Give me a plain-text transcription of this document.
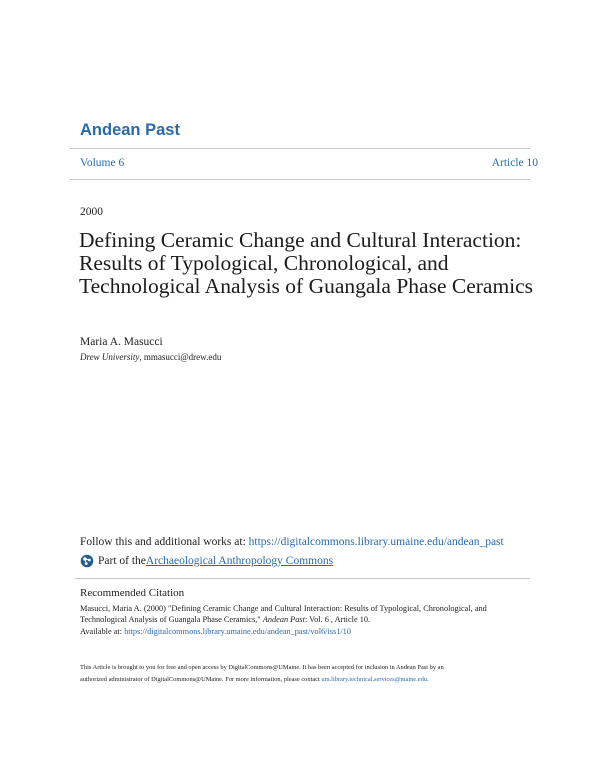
Andean Past
Volume 6	Article 10
2000
Defining Ceramic Change and Cultural Interaction: Results of Typological, Chronological, and Technological Analysis of Guangala Phase Ceramics
Maria A. Masucci
Drew University, mmasucci@drew.edu
Follow this and additional works at: https://digitalcommons.library.umaine.edu/andean_past
Part of the Archaeological Anthropology Commons
Recommended Citation
Masucci, Maria A. (2000) "Defining Ceramic Change and Cultural Interaction: Results of Typological, Chronological, and
Technological Analysis of Guangala Phase Ceramics," Andean Past: Vol. 6 , Article 10.
Available at: https://digitalcommons.library.umaine.edu/andean_past/vol6/iss1/10
This Article is brought to you for free and open access by DigitalCommons@UMaine. It has been accepted for inclusion in Andean Past by an
authorized administrator of DigitalCommons@UMaine. For more information, please contact um.library.technical.services@maine.edu.
